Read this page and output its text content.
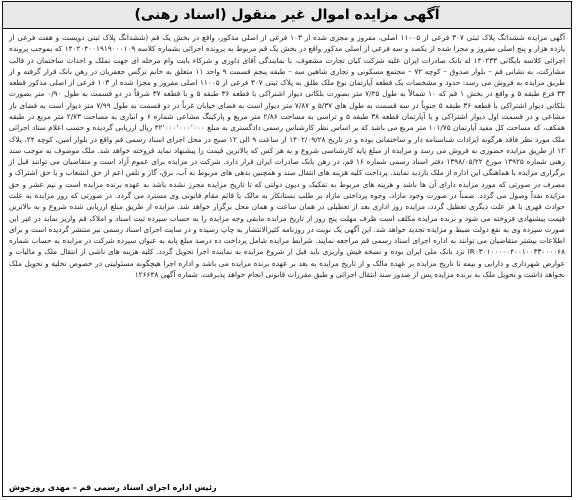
آگهی مزایده اموال غیر منقول (اسناد رهنی)

آگهی مزایده ششدانگ پلاک ثبتی ۳۰۷ فرعی از ۱۱۰۰۵ اصلی، مفروز و مجزی شده از ۱۰۳ فرعی از اصلی مذکور، واقع در بخش یک قم (ششدانگ پلاک ثبتی دویست و هفت فرعی از یازده هزار و پنج اصلی مفروز و مجزا شده از یکصد و سه فرعی از اصلی مذکور واقع در بخش یک قم مربوط به پرونده اجرائی بشماره کلاسه ۱۴۰۲۰۴۰۰۱۹۱۹۰۰۰۱۰۹ که بموجب پرونده اجرائی کلاسه بایگانی ۱۴۰۲۳۳ له بانک صادرات ایران علیه شرکت کیان تجارت مشعوف، با نمایندگی آقای داوری و شرکاء بابت وام مرحله ای جهت تملک و احداث ساختمان در قالب مشارکت، به نشانی قم – بلوار صدوق – کوچه ۷۲ – مجتمع مسکونی و تجاری شاهین سه – طبقه پنجم قسمت ۹ واحد ۱۱ متعلق به خانم ترگس جعفریان در رهن بانک قرار گرفته و از طریق مزایده به فروش می رسد: حدود و مشخصات یک قطعه آپارتمان نوع ملک طلق به پلاک ثبتی ۳۰۷ فرعی از ۱۱۰۰۵ اصلی مفروز و مجزا شده از ۱۰۳ فرعی از اصلی مذکور قطعه ۳۳ فرع طبقه ۵ و واقع در بخش ۱ قم که ۱۰ شمالاً به طول ۷/۴۵ متر بصورت بلکانی دیوار اشتراکی با قطعه ۳۶ طبقه ۵ و با قطعه ۳۷ شرقاً در دو قسمت به طول ۰/۹۰ متر بصورت بلکانی دیوار اشتراکی با قطعه ۳۶ طبقه ۵ جنوباً در سه قسمت به طول های ۵/۳۷ و ۷/۸۷ متر دیوار است به فضای خیابان غرباً در دو قسمت به طول ۷/۹۹ متر دیوار است به فضای باز مشاعی و در قسمت اول دیوار اشتراکی و یا آپارتمان قطعه ۳۸ طبقه ۵ و تراسی به مساحت ۲/۸۶ متر مربع و پارکینگ مشاعی شماره ۶ و انباری به مساحت ۲/۷۳ متر مربع در طبقه همکف، که مساحت کل مفید آپارتمان ۱۰۱/۷۵ متر مربع می باشد که بر اساس نظر کارشناس رسمی دادگستری به مبلغ ۴۲٬۰۰۰٬۰۰۰٬۰۰۰ ریال ارزیابی گردیده و حسب اعلام ستاد اجرائی ملک مورد نظر فاقد هرگونه ایرادات شناسنامه دار و ساختمانی بوده و در تاریخ ۱۴۰۲/۰۹/۲۸ از ساعت ۹ الی ۱۲ صبح در محل اجرای اسناد رسمی قم واقع در بلوار امین، کوچه ۲۴، پلاک ۱۲ از طریق مزایده حضوری به فروش می رسد و مزایده از مبلغ پایه کارشناسی شروع و به هر کس که بالاترین قیمت را پیشنهاد نماید فروخته خواهد شد. ملک موصوف به موجب سند رهنی شماره ۱۳۹۲۵ مورخ ۱۳۹۸/۰۵/۲۲ دفتر اسناد رسمی شماره ۱۶ قم، در رهن بانک صادرات ایران قرار دارد. شرکت در مزایده برای عموم آزاد است و متقاضیان می توانند قبل از برگزاری مزایده با هماهنگی این اداره از ملک بازدید نمایند. پرداخت کلیه هزینه های انتقال سند و همچنین بدهی های مربوط به آب، برق، گاز و تلفن اعم از حق انشعاب و یا حق اشتراک و مصرف در صورتی که مورد مزایده دارای آن ها باشد و هزینه های مربوط به تفکیک و دیون دولتی که تا تاریخ مزایده محرز نشده باشد به عهده برنده مزایده است و نیم عشر و حق مزایده نقداً وصول می گردد. ضمناً در صورت وجود مازاد، وجوه پرداختی مازاد بر طلب بستانکار به مالک یا قائم مقام قانونی وی مسترد می گردد. در صورتی که روز مزایده به علت حوادث قهری یا هر علت دیگری تعطیل گردد، مزایده روز اداری بعد از تعطیلی در همان ساعت و همان محل برگزار خواهد شد. مزایده از طریق مبلغ ارزیابی شده شروع و به بالاترین قیمت پیشنهادی فروخته می شود و برنده مزایده مکلف است ظرف مهلت پنج روز از تاریخ مزایده مابقی وجه مزایده را به حساب سپرده ثبت اسناد و املاک قم واریز نماید در غیر این صورت سپرده وی به نفع دولت ضبط و مزایده تجدید خواهد شد. این آگهی یک نوبت در روزنامه کثیرالانتشار به چاپ رسیده و در سایت اجرای اسناد رسمی نیز منتشر گردیده است و برای اطلاعات بیشتر متقاضیان می توانند به اداره اجرای اسناد رسمی قم مراجعه نمایند. شرایط مزایده شامل پرداخت ده درصد مبلغ پایه به عنوان سپرده شرکت در مزایده به حساب شماره IR۰۳۰۱۰۰۰۰۰۴۰۰۱۰۰۳۳۰۰۰۰۶۸ نزد بانک ملی ایران بوده و نسخه فیش واریزی باید قبل از شروع مزایده به نماینده اجرا تحویل گردد. کلیه هزینه های ناشی از انتقال ملک و مالیات و عوارض شهرداری و دارایی و بیمه تا تاریخ مزایده بر عهده مالک و از تاریخ مزایده به بعد بر عهده برنده مزایده می باشد و اداره اجرا هیچگونه مسئولیتی در خصوص تخلیه و تحویل ملک نخواهد داشت و تحویل ملک به برنده مزایده پس از صدور سند انتقال اجرائی و طبق مقررات قانونی انجام خواهد پذیرفت. شماره آگهی ۱۲۶۶۴۸

رئیس اداره اجرای اسناد رسمی قم – مهدی روزخوش
